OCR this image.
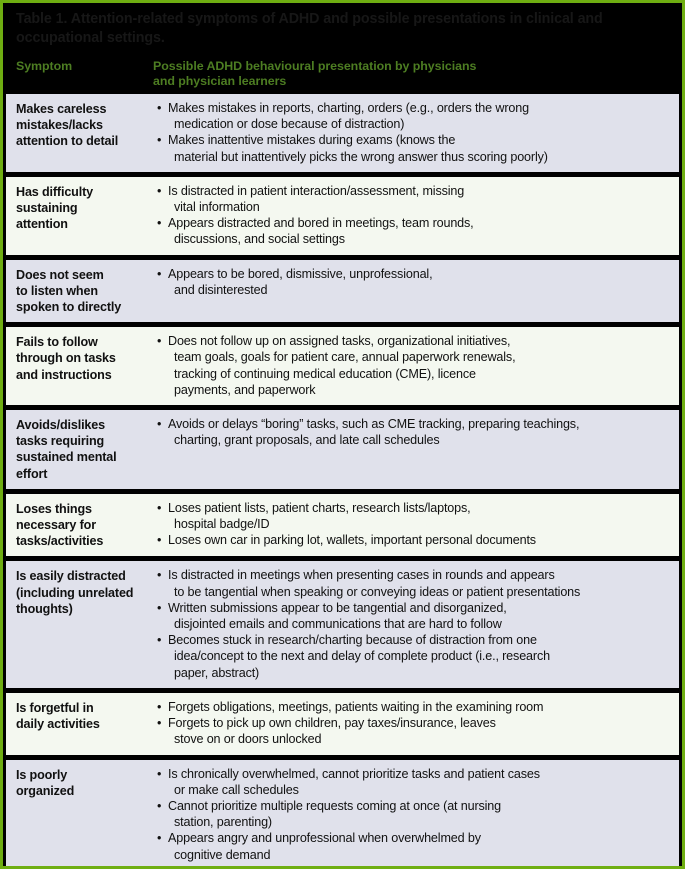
Table 1. Attention-related symptoms of ADHD and possible presentations in clinical and occupational settings.
Symptom	Possible ADHD behavioural presentation by physicians
and physician learners
Makes careless
mistakes/lacks
attention to detail
• Makes mistakes in reports, charting, orders (e.g., orders the wrong
medication or dose because of distraction)
• Makes inattentive mistakes during exams (knows the
material but inattentively picks the wrong answer thus scoring poorly)
Has difficulty
sustaining
attention
• Is distracted in patient interaction/assessment, missing
vital information
• Appears distracted and bored in meetings, team rounds,
discussions, and social settings
Does not seem
to listen when
spoken to directly
• Appears to be bored, dismissive, unprofessional,
and disinterested
Fails to follow
through on tasks
and instructions
• Does not follow up on assigned tasks, organizational initiatives,
team goals, goals for patient care, annual paperwork renewals,
tracking of continuing medical education (CME), licence
payments, and paperwork
Avoids/dislikes
tasks requiring
sustained mental
effort
• Avoids or delays “boring” tasks, such as CME tracking, preparing teachings,
charting, grant proposals, and late call schedules
Loses things
necessary for
tasks/activities
• Loses patient lists, patient charts, research lists/laptops,
hospital badge/ID
• Loses own car in parking lot, wallets, important personal documents
Is easily distracted
(including unrelated
thoughts)
• Is distracted in meetings when presenting cases in rounds and appears
to be tangential when speaking or conveying ideas or patient presentations
• Written submissions appear to be tangential and disorganized,
disjointed emails and communications that are hard to follow
• Becomes stuck in research/charting because of distraction from one
idea/concept to the next and delay of complete product (i.e., research
paper, abstract)
Is forgetful in
daily activities
• Forgets obligations, meetings, patients waiting in the examining room
• Forgets to pick up own children, pay taxes/insurance, leaves
stove on or doors unlocked
Is poorly
organized
• Is chronically overwhelmed, cannot prioritize tasks and patient cases
or make call schedules
• Cannot prioritize multiple requests coming at once (at nursing
station, parenting)
• Appears angry and unprofessional when overwhelmed by
cognitive demand
